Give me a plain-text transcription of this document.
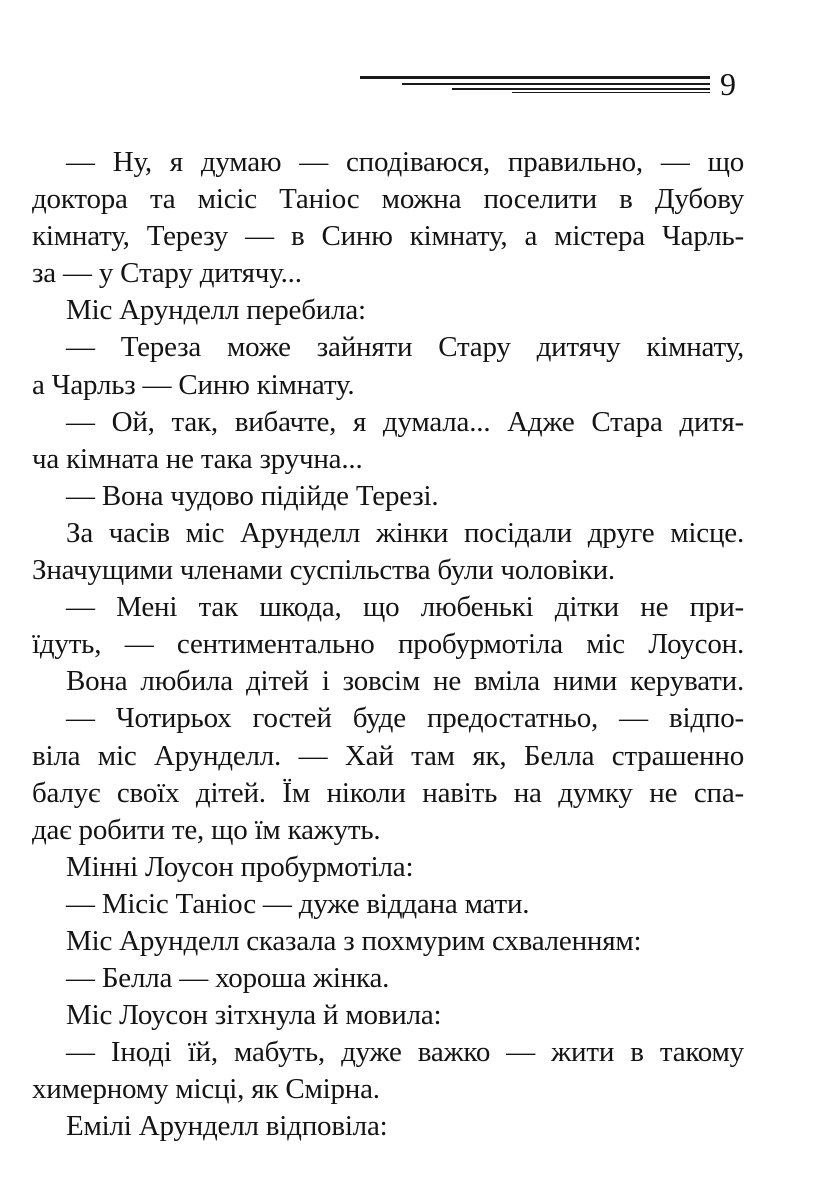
9
— Ну, я думаю — сподіваюся, правильно, — що
доктора та місіс Таніос можна поселити в Дубову
кімнату, Терезу — в Синю кімнату, а містера Чарль-
за — у Стару дитячу...
Міс Арунделл перебила:
— Тереза може зайняти Стару дитячу кімнату,
а Чарльз — Синю кімнату.
— Ой, так, вибачте, я думала... Адже Стара дитя-
ча кімната не така зручна...
— Вона чудово підійде Терезі.
За часів міс Арунделл жінки посідали друге місце.
Значущими членами суспільства були чоловіки.
— Мені так шкода, що любенькі дітки не при-
їдуть, — сентиментально пробурмотіла міс Лоусон.
Вона любила дітей і зовсім не вміла ними керувати.
— Чотирьох гостей буде предостатньо, — відпо-
віла міс Арунделл. — Хай там як, Белла страшенно
балує своїх дітей. Їм ніколи навіть на думку не спа-
дає робити те, що їм кажуть.
Мінні Лоусон пробурмотіла:
— Місіс Таніос — дуже віддана мати.
Міс Арунделл сказала з похмурим схваленням:
— Белла — хороша жінка.
Міс Лоусон зітхнула й мовила:
— Іноді їй, мабуть, дуже важко — жити в такому
химерному місці, як Смірна.
Емілі Арунделл відповіла:
